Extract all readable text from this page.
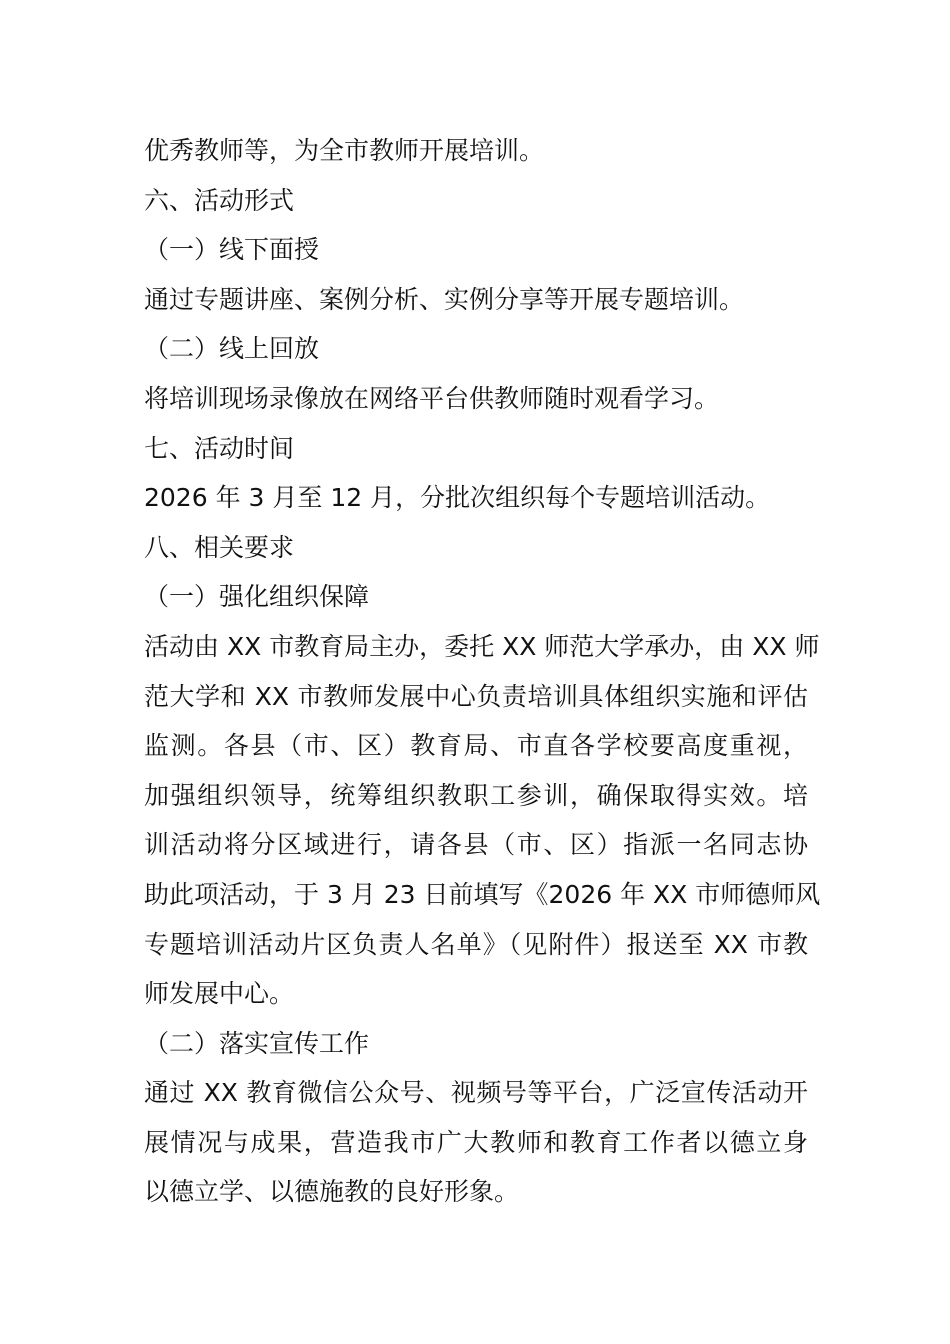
优秀教师等，为全市教师开展培训。
六、活动形式
（一）线下面授
通过专题讲座、案例分析、实例分享等开展专题培训。
（二）线上回放
将培训现场录像放在网络平台供教师随时观看学习。
七、活动时间
2026 年 3 月至 12 月，分批次组织每个专题培训活动。
八、相关要求
（一）强化组织保障
活动由 XX 市教育局主办，委托 XX 师范大学承办，由 XX 师
范大学和 XX 市教师发展中心负责培训具体组织实施和评估
监测。各县（市、区）教育局、市直各学校要高度重视，
加强组织领导，统筹组织教职工参训，确保取得实效。培
训活动将分区域进行，请各县（市、区）指派一名同志协
助此项活动，于 3 月 23 日前填写《2026 年 XX 市师德师风
专题培训活动片区负责人名单》（见附件）报送至 XX 市教
师发展中心。
（二）落实宣传工作
通过 XX 教育微信公众号、视频号等平台，广泛宣传活动开
展情况与成果，营造我市广大教师和教育工作者以德立身
以德立学、以德施教的良好形象。
